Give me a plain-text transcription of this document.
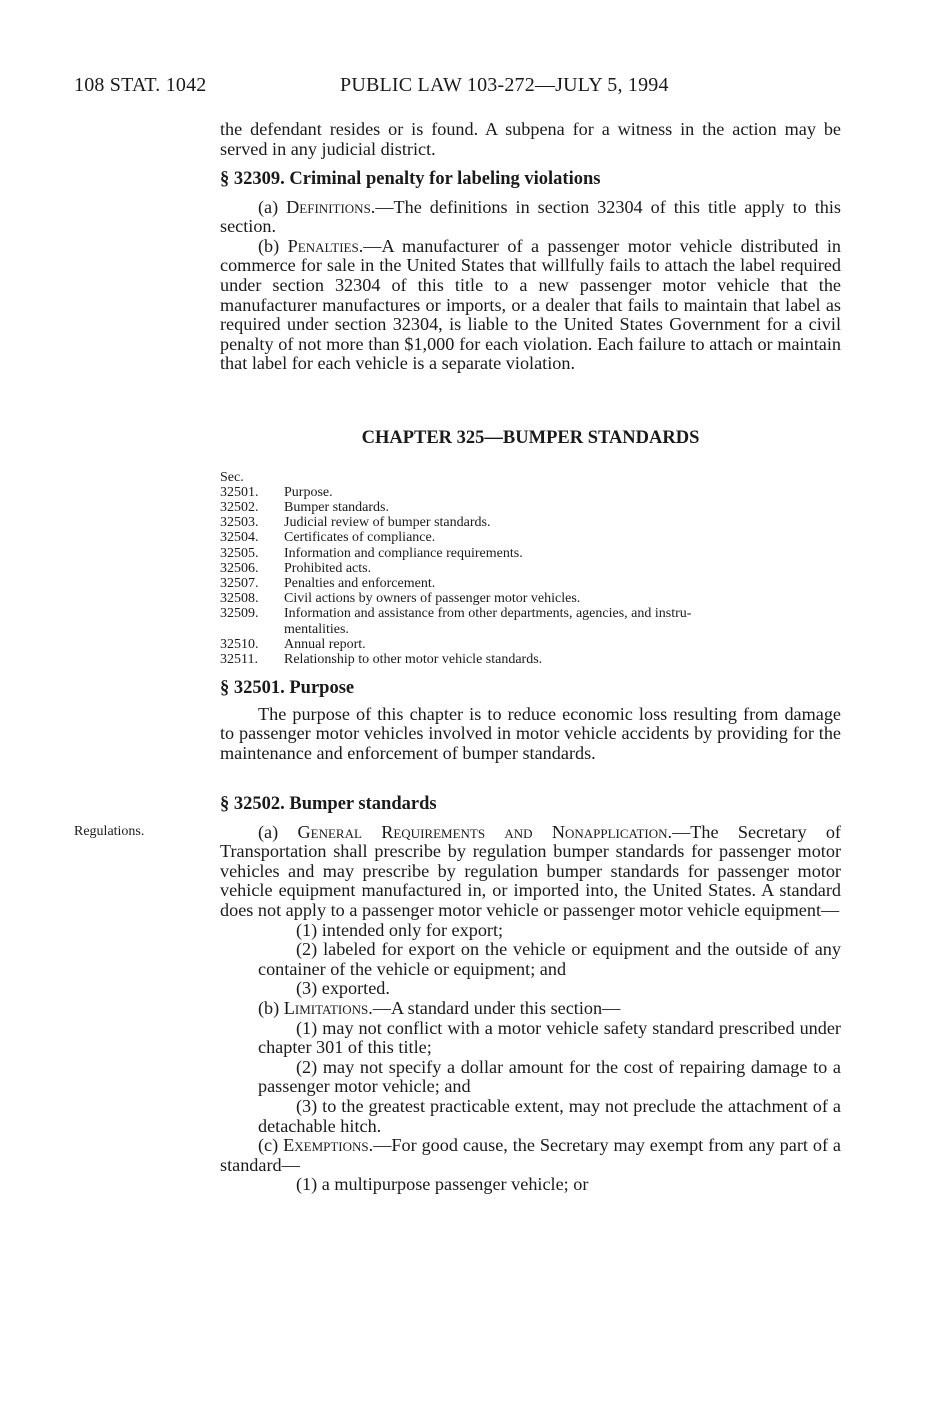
108 STAT. 1042	PUBLIC LAW 103-272—JULY 5, 1994

the defendant resides or is found. A subpena for a witness in the action may be served in any judicial district.

§ 32309. Criminal penalty for labeling violations

(a) Definitions.—The definitions in section 32304 of this title apply to this section.

(b) Penalties.—A manufacturer of a passenger motor vehicle distributed in commerce for sale in the United States that willfully fails to attach the label required under section 32304 of this title to a new passenger motor vehicle that the manufacturer manufactures or imports, or a dealer that fails to maintain that label as required under section 32304, is liable to the United States Government for a civil penalty of not more than $1,000 for each violation. Each failure to attach or maintain that label for each vehicle is a separate violation.

CHAPTER 325—BUMPER STANDARDS
Sec.
32501.	Purpose.
32502.	Bumper standards.
32503.	Judicial review of bumper standards.
32504.	Certificates of compliance.
32505.	Information and compliance requirements.
32506.	Prohibited acts.
32507.	Penalties and enforcement.
32508.	Civil actions by owners of passenger motor vehicles.
32509.	Information and assistance from other departments, agencies, and instru-
mentalities.
32510.	Annual report.
32511.	Relationship to other motor vehicle standards.
§ 32501. Purpose

The purpose of this chapter is to reduce economic loss resulting from damage to passenger motor vehicles involved in motor vehicle accidents by providing for the maintenance and enforcement of bumper standards.

Regulations.
§ 32502. Bumper standards

(a) General Requirements and Nonapplication.—The Secretary of Transportation shall prescribe by regulation bumper standards for passenger motor vehicles and may prescribe by regulation bumper standards for passenger motor vehicle equipment manufactured in, or imported into, the United States. A standard does not apply to a passenger motor vehicle or passenger motor vehicle equipment—

(1) intended only for export;

(2) labeled for export on the vehicle or equipment and the outside of any container of the vehicle or equipment; and

(3) exported.

(b) Limitations.—A standard under this section—

(1) may not conflict with a motor vehicle safety standard prescribed under chapter 301 of this title;

(2) may not specify a dollar amount for the cost of repairing damage to a passenger motor vehicle; and

(3) to the greatest practicable extent, may not preclude the attachment of a detachable hitch.

(c) Exemptions.—For good cause, the Secretary may exempt from any part of a standard—

(1) a multipurpose passenger vehicle; or
